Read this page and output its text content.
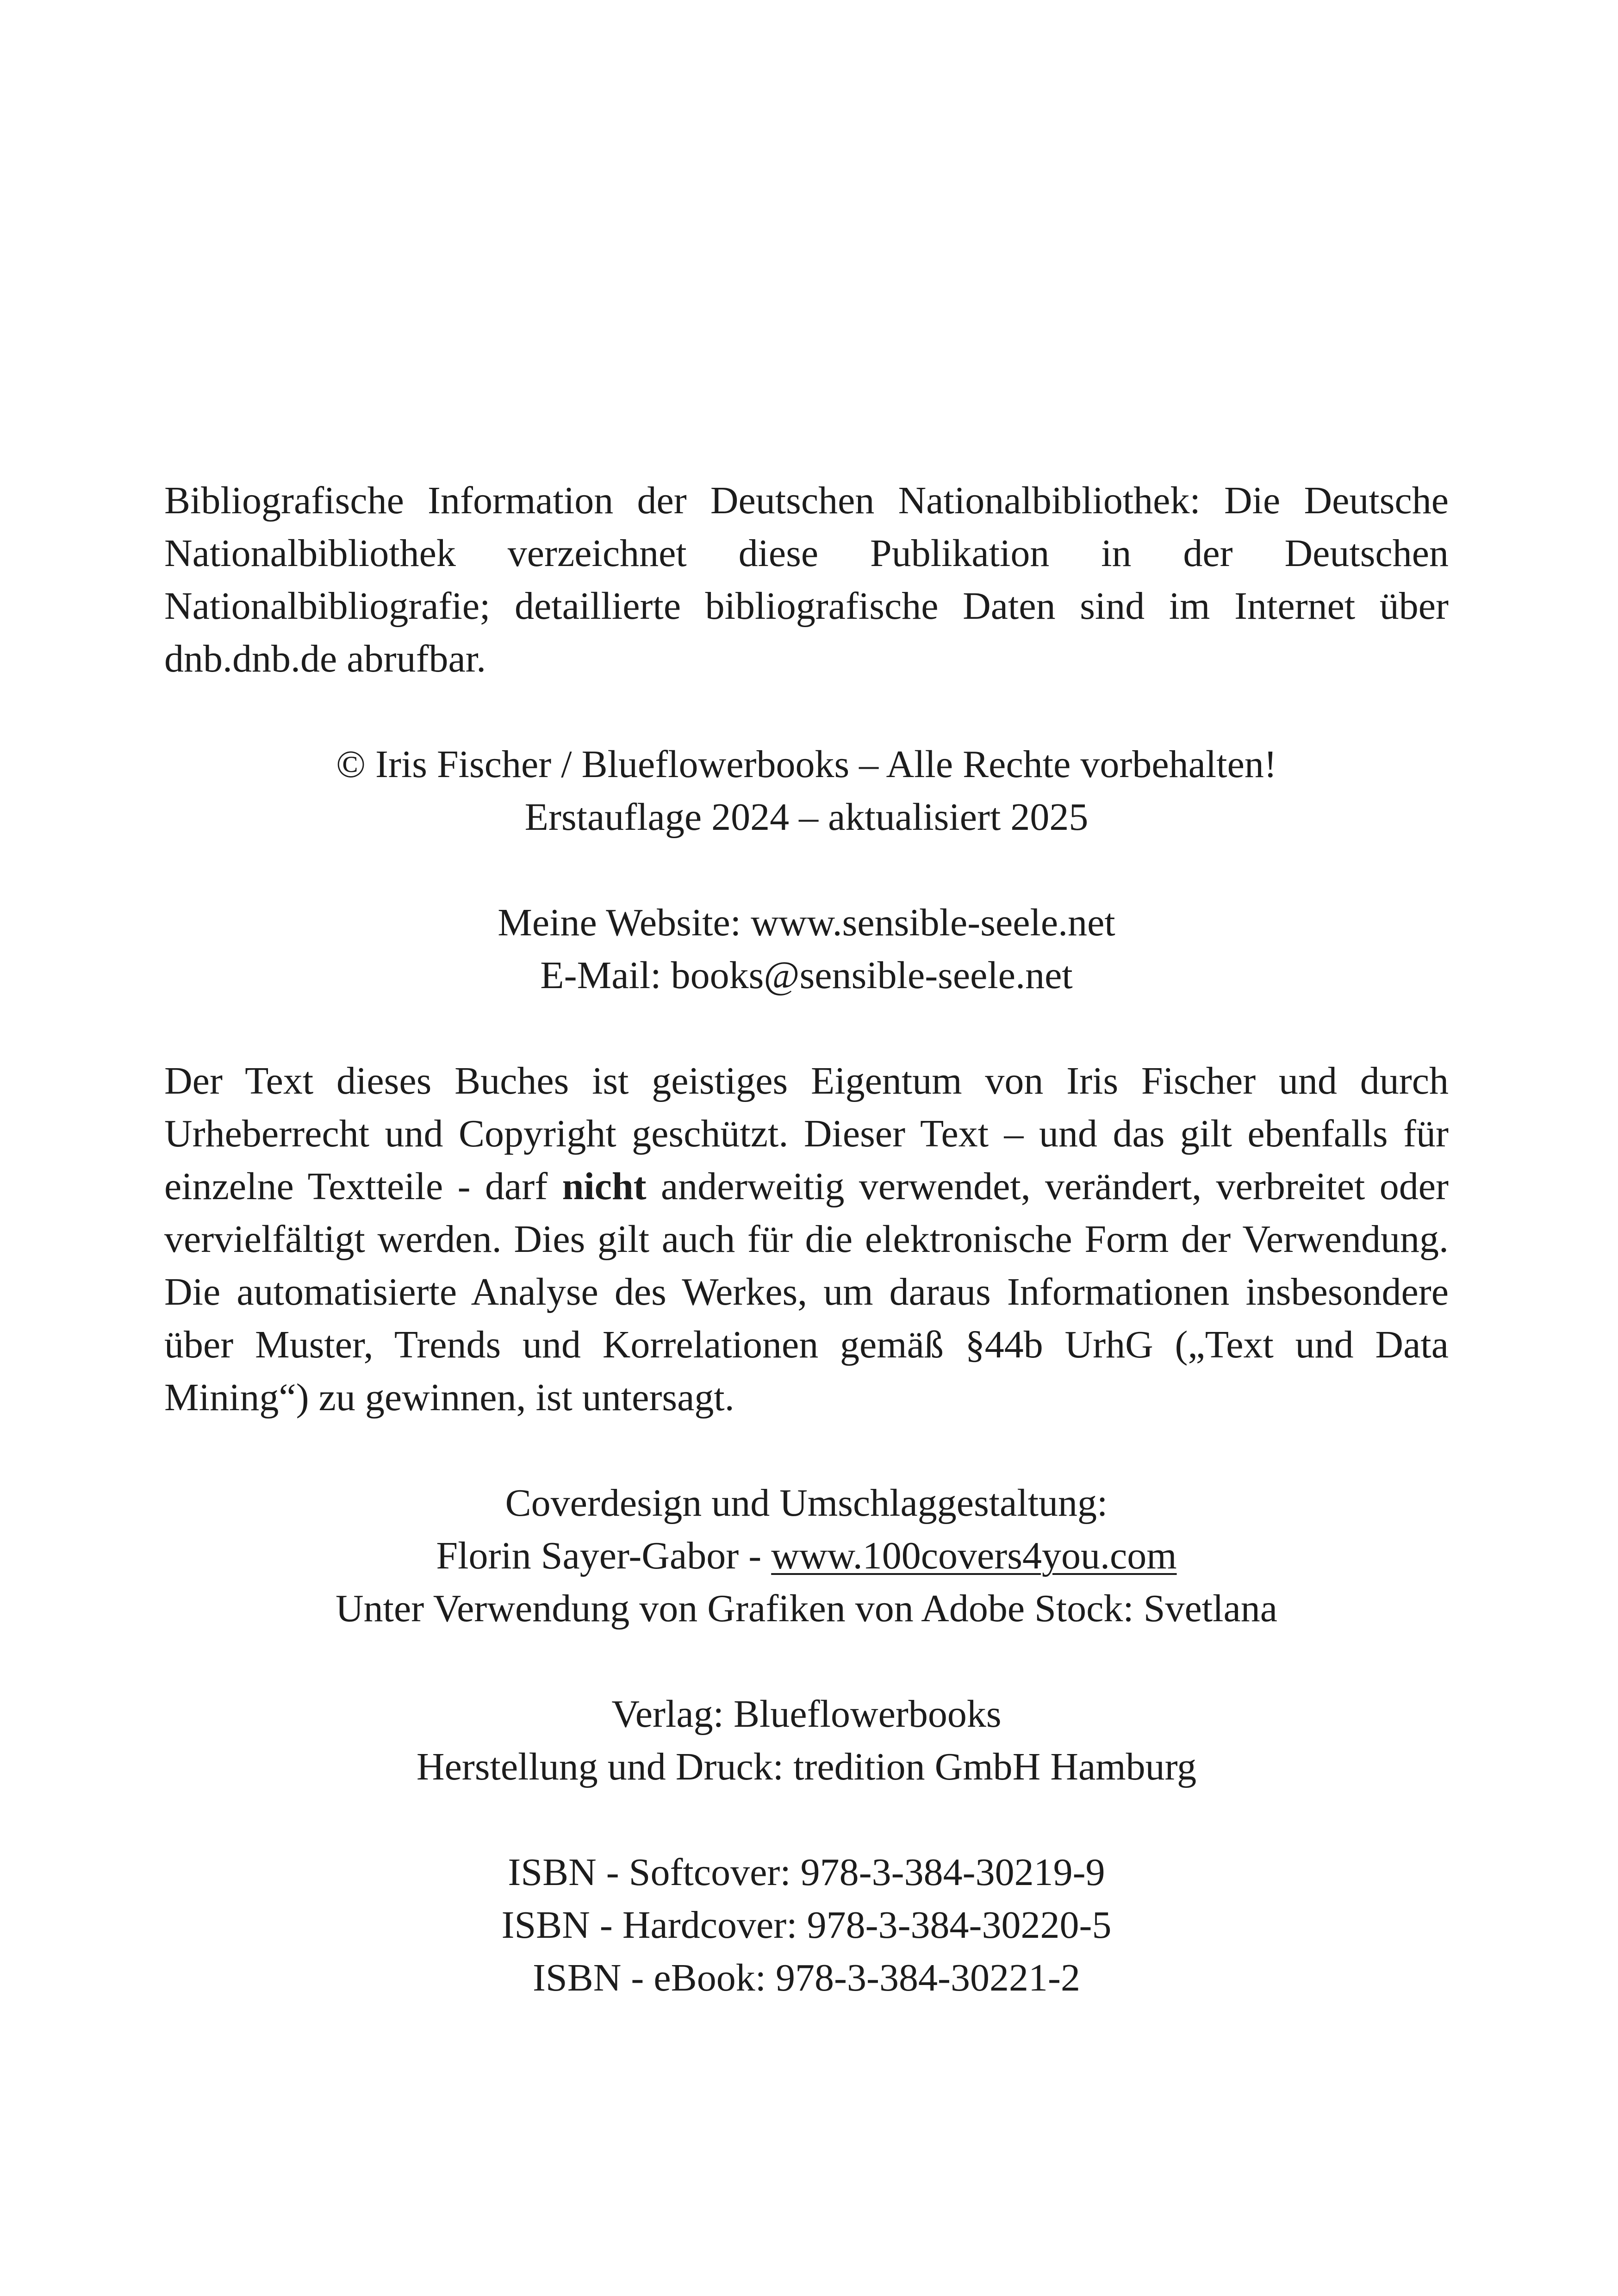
Bibliografische Information der Deutschen Nationalbibliothek: Die Deutsche Nationalbibliothek verzeichnet diese Publikation in der Deutschen Nationalbibliografie; detaillierte bibliografische Daten sind im Internet über dnb.dnb.de abrufbar.

© Iris Fischer / Blueflowerbooks – Alle Rechte vorbehalten!
Erstauflage 2024 – aktualisiert 2025
Meine Website: www.sensible-seele.net
E-Mail: books@sensible-seele.net

Der Text dieses Buches ist geistiges Eigentum von Iris Fischer und durch Urheberrecht und Copyright geschützt. Dieser Text – und das gilt ebenfalls für einzelne Textteile - darf nicht anderweitig verwendet, verändert, verbreitet oder vervielfältigt werden. Dies gilt auch für die elektronische Form der Verwendung. Die automatisierte Analyse des Werkes, um daraus Informationen insbesondere über Muster, Trends und Korrelationen gemäß §44b UrhG („Text und Data Mining“) zu gewinnen, ist untersagt.

Coverdesign und Umschlaggestaltung:
Florin Sayer-Gabor - www.100covers4you.com
Unter Verwendung von Grafiken von Adobe Stock: Svetlana
Verlag: Blueflowerbooks
Herstellung und Druck: tredition GmbH Hamburg
ISBN - Softcover: 978-3-384-30219-9
ISBN - Hardcover: 978-3-384-30220-5
ISBN - eBook: 978-3-384-30221-2
